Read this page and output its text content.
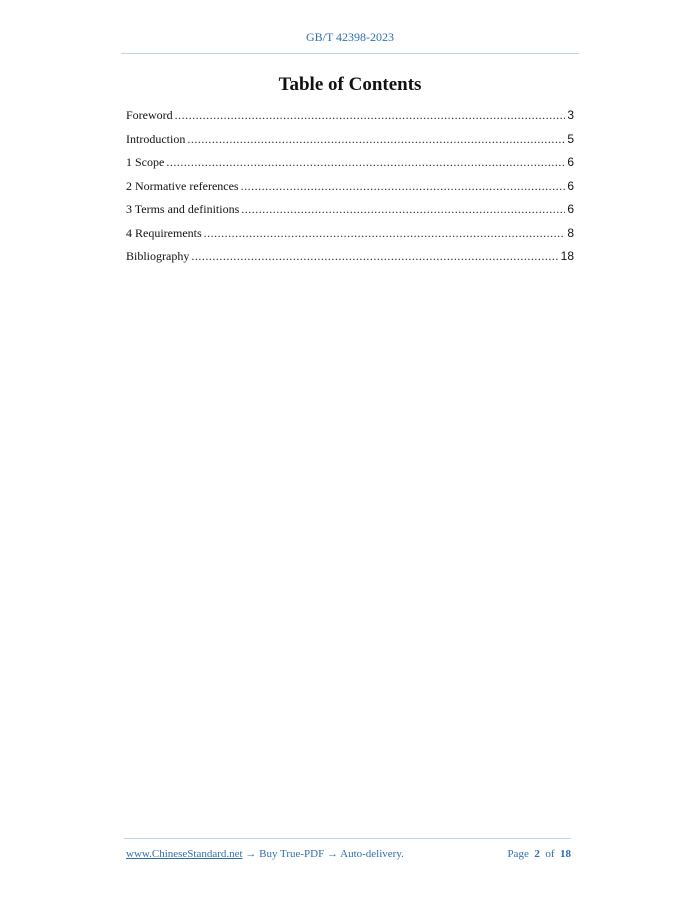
GB/T 42398-2023
Table of Contents
Foreword .....	3
Introduction .....	5
1 Scope .....	6
2 Normative references .....	6
3 Terms and definitions .....	6
4 Requirements .....	8
Bibliography .....	18
www.ChineseStandard.net → Buy True-PDF → Auto-delivery.	Page 2 of 18
